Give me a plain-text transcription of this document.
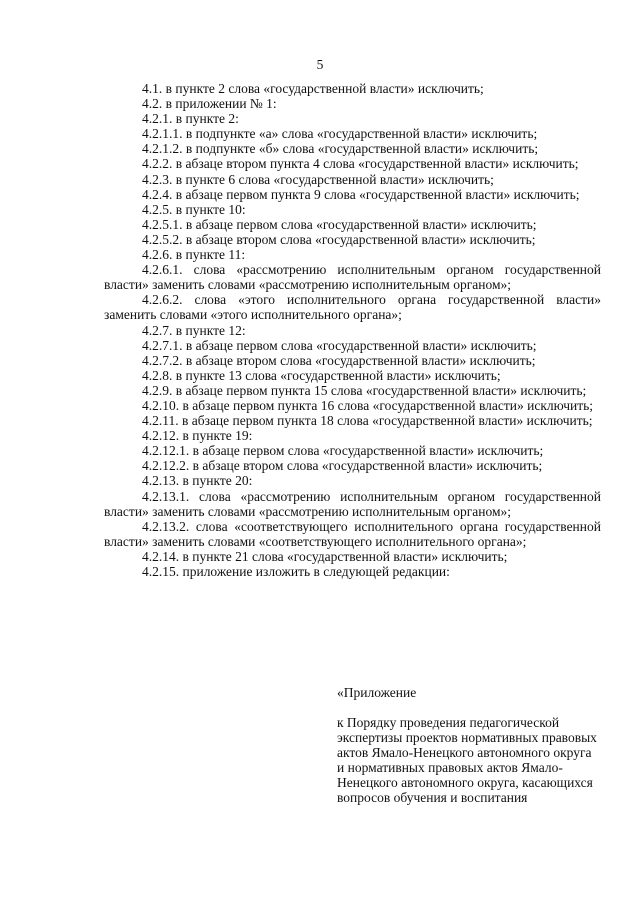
5

4.1. в пункте 2 слова «государственной власти» исключить;

4.2. в приложении № 1:

4.2.1. в пункте 2:

4.2.1.1. в подпункте «а» слова «государственной власти» исключить;

4.2.1.2. в подпункте «б» слова «государственной власти» исключить;

4.2.2. в абзаце втором пункта 4 слова «государственной власти» исключить;

4.2.3. в пункте 6 слова «государственной власти» исключить;

4.2.4. в абзаце первом пункта 9 слова «государственной власти» исключить;

4.2.5. в пункте 10:

4.2.5.1. в абзаце первом слова «государственной власти» исключить;

4.2.5.2. в абзаце втором слова «государственной власти» исключить;

4.2.6. в пункте 11:

4.2.6.1. слова «рассмотрению исполнительным органом государственной власти» заменить словами «рассмотрению исполнительным органом»;

4.2.6.2. слова «этого исполнительного органа государственной власти» заменить словами «этого исполнительного органа»;

4.2.7. в пункте 12:

4.2.7.1. в абзаце первом слова «государственной власти» исключить;

4.2.7.2. в абзаце втором слова «государственной власти» исключить;

4.2.8. в пункте 13 слова «государственной власти» исключить;

4.2.9. в абзаце первом пункта 15 слова «государственной власти» исключить;

4.2.10. в абзаце первом пункта 16 слова «государственной власти» исключить;

4.2.11. в абзаце первом пункта 18 слова «государственной власти» исключить;

4.2.12. в пункте 19:

4.2.12.1. в абзаце первом слова «государственной власти» исключить;

4.2.12.2. в абзаце втором слова «государственной власти» исключить;

4.2.13. в пункте 20:

4.2.13.1. слова «рассмотрению исполнительным органом государственной власти» заменить словами «рассмотрению исполнительным органом»;

4.2.13.2. слова «соответствующего исполнительного органа государственной власти» заменить словами «соответствующего исполнительного органа»;

4.2.14. в пункте 21 слова «государственной власти» исключить;

4.2.15. приложение изложить в следующей редакции:

«Приложение

к Порядку проведения педагогической экспертизы проектов нормативных правовых актов Ямало-Ненецкого автономного округа и нормативных правовых актов Ямало-Ненецкого автономного округа, касающихся вопросов обучения и воспитания
